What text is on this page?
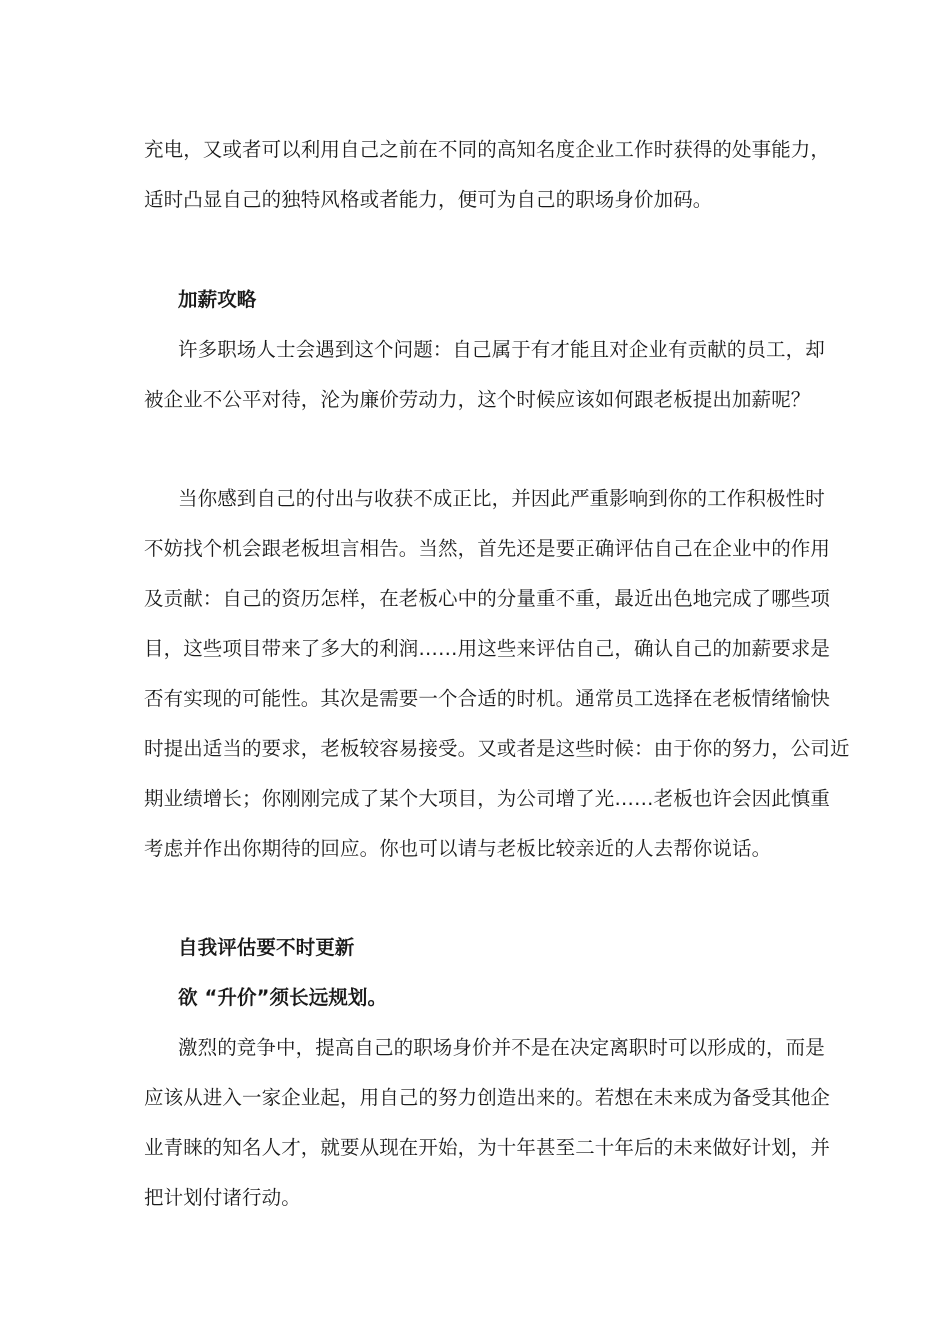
充电，又或者可以利用自己之前在不同的高知名度企业工作时获得的处事能力，
适时凸显自己的独特风格或者能力，便可为自己的职场身价加码。
加薪攻略
许多职场人士会遇到这个问题：自己属于有才能且对企业有贡献的员工，却
被企业不公平对待，沦为廉价劳动力，这个时候应该如何跟老板提出加薪呢？
当你感到自己的付出与收获不成正比，并因此严重影响到你的工作积极性时
不妨找个机会跟老板坦言相告。当然，首先还是要正确评估自己在企业中的作用
及贡献：自己的资历怎样，在老板心中的分量重不重，最近出色地完成了哪些项
目，这些项目带来了多大的利润……用这些来评估自己，确认自己的加薪要求是
否有实现的可能性。其次是需要一个合适的时机。通常员工选择在老板情绪愉快
时提出适当的要求，老板较容易接受。又或者是这些时候：由于你的努力，公司近
期业绩增长；你刚刚完成了某个大项目，为公司增了光……老板也许会因此慎重
考虑并作出你期待的回应。你也可以请与老板比较亲近的人去帮你说话。
自我评估要不时更新
欲 “升价”须长远规划。
激烈的竞争中，提高自己的职场身价并不是在决定离职时可以形成的，而是
应该从进入一家企业起，用自己的努力创造出来的。若想在未来成为备受其他企
业青睐的知名人才，就要从现在开始，为十年甚至二十年后的未来做好计划，并
把计划付诸行动。
